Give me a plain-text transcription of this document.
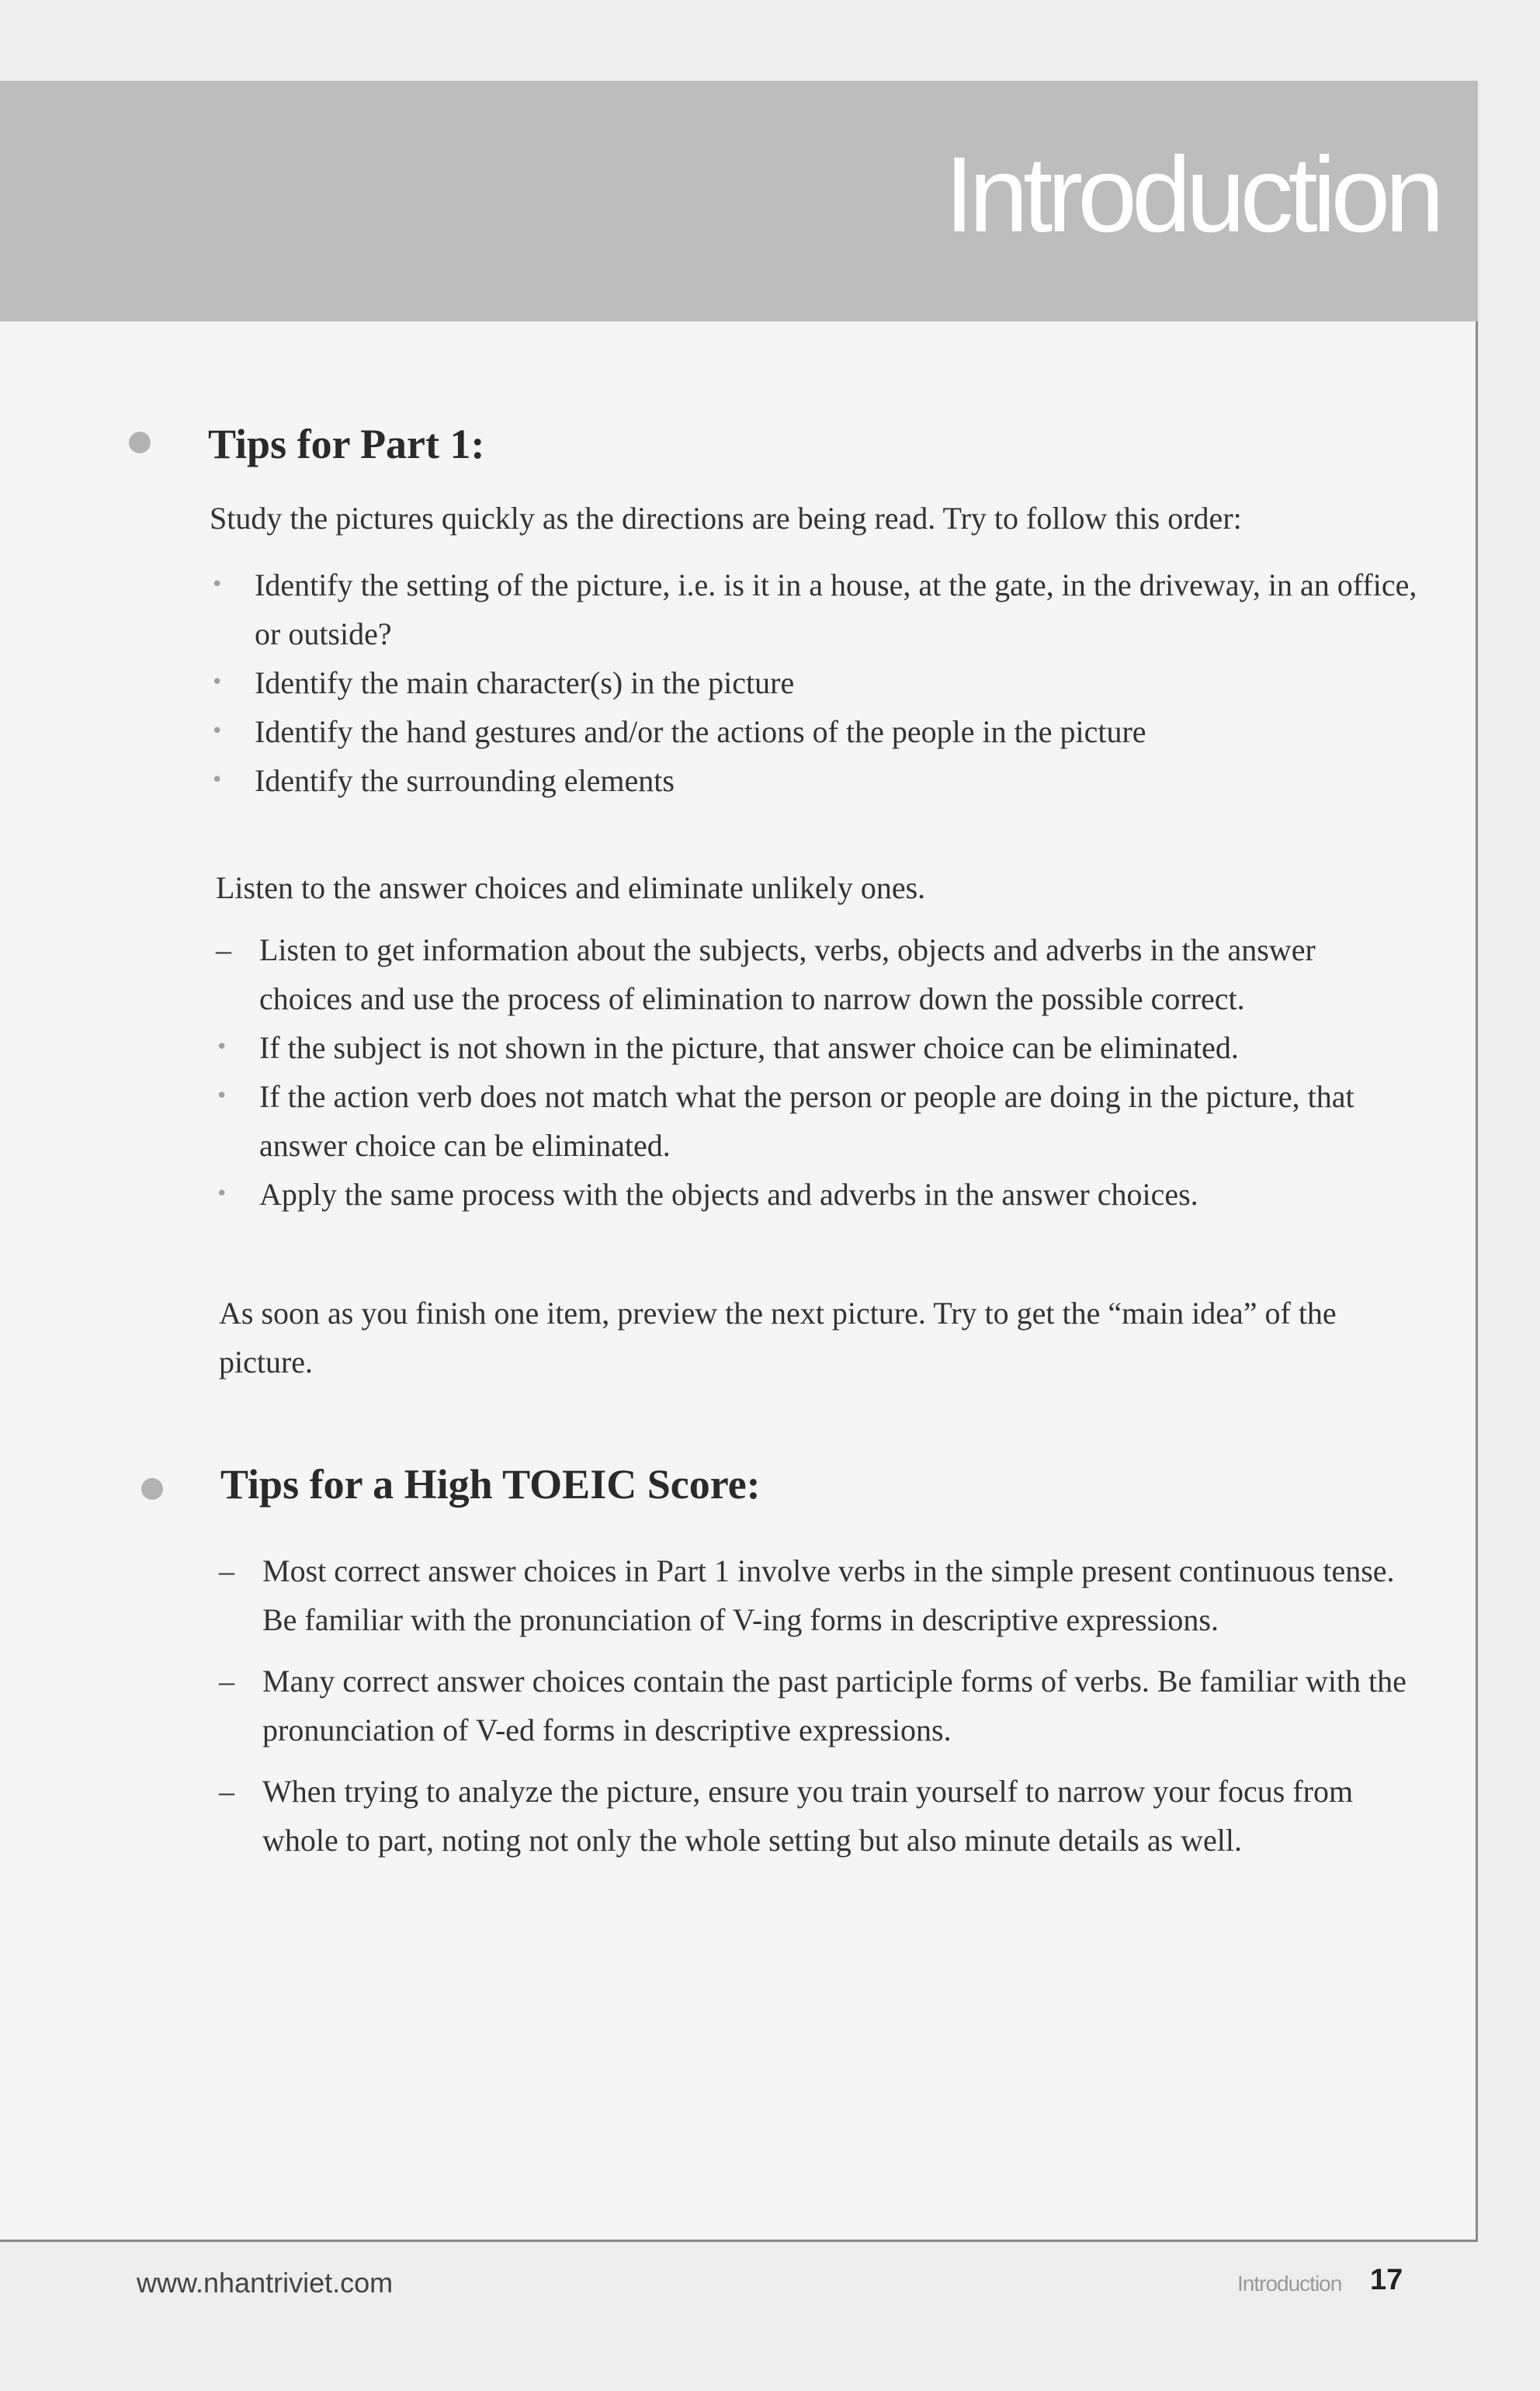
Introduction
Tips for Part 1:

Study the pictures quickly as the directions are being read. Try to follow this order:

•	Identify the setting of the picture, i.e. is it in a house, at the gate, in the driveway, in an office, or outside?
•	Identify the main character(s) in the picture
•	Identify the hand gestures and/or the actions of the people in the picture
•	Identify the surrounding elements

Listen to the answer choices and eliminate unlikely ones.

– Listen to get information about the subjects, verbs, objects and adverbs in the answer choices and use the process of elimination to narrow down the possible correct.
•	If the subject is not shown in the picture, that answer choice can be eliminated.
•	If the action verb does not match what the person or people are doing in the picture, that answer choice can be eliminated.
•	Apply the same process with the objects and adverbs in the answer choices.

As soon as you finish one item, preview the next picture. Try to get the “main idea” of the picture.

Tips for a High TOEIC Score:
– Most correct answer choices in Part 1 involve verbs in the simple present continuous tense. Be familiar with the pronunciation of V-ing forms in descriptive expressions.
– Many correct answer choices contain the past participle forms of verbs. Be familiar with the pronunciation of V-ed forms in descriptive expressions.
– When trying to analyze the picture, ensure you train yourself to narrow your focus from whole to part, noting not only the whole setting but also minute details as well.

www.nhantriviet.com	Introduction 17
